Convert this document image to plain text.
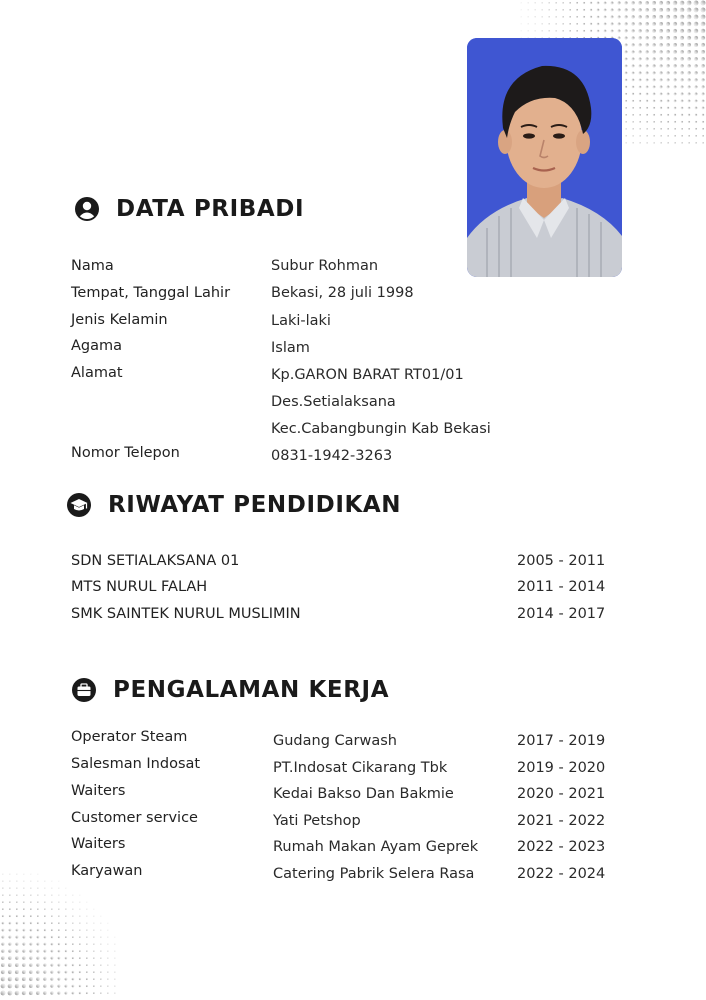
DATA PRIBADI
Nama	Subur Rohman
Tempat, Tanggal Lahir	Bekasi, 28 juli 1998
Jenis Kelamin	Laki-laki
Agama	Islam
Alamat	Kp.GARON BARAT RT01/01
Des.Setialaksana
Kec.Cabangbungin Kab Bekasi
Nomor Telepon	0831-1942-3263
RIWAYAT PENDIDIKAN
SDN SETIALAKSANA 01	2005 - 2011
MTS NURUL FALAH	2011 - 2014
SMK SAINTEK NURUL MUSLIMIN	2014 - 2017
PENGALAMAN KERJA
Operator Steam	Gudang Carwash	2017 - 2019
Salesman Indosat	PT.Indosat Cikarang Tbk	2019 - 2020
Waiters	Kedai Bakso Dan Bakmie	2020 - 2021
Customer service	Yati Petshop	2021 - 2022
Waiters	Rumah Makan Ayam Geprek	2022 - 2023
Karyawan	Catering Pabrik Selera Rasa	2022 - 2024
